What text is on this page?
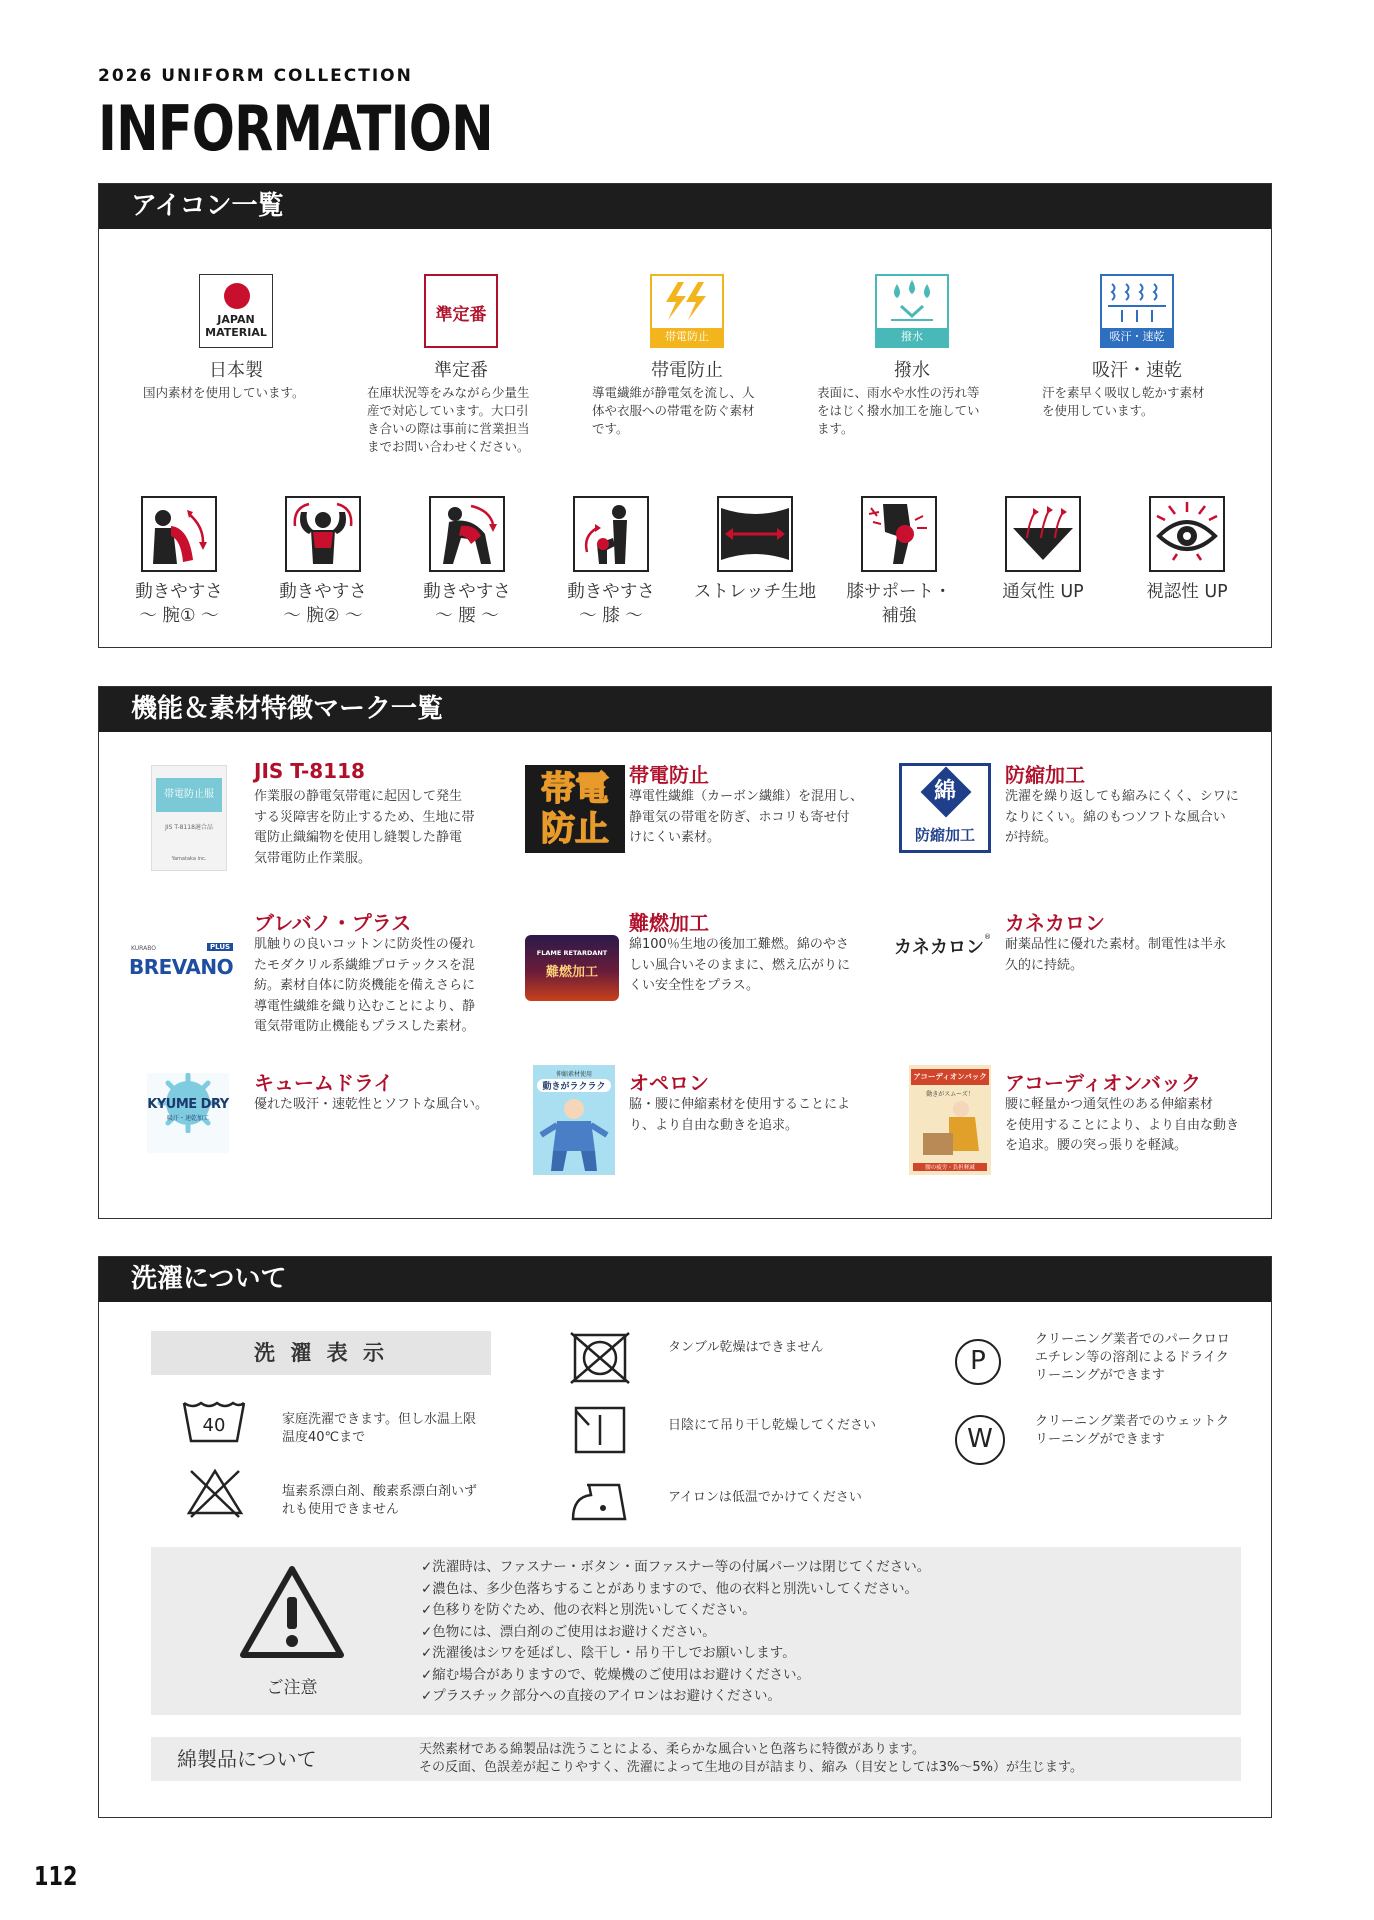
2026 UNIFORM COLLECTION
INFORMATION
アイコン一覧
JAPAN MATERIAL
準定番
帯電防止	撥水	吸汗・速乾
日本製	準定番	帯電防止	撥水	吸汗・速乾
国内素材を使用しています。	在庫状況等をみながら少量生
産で対応しています。大口引
き合いの際は事前に営業担当
までお問い合わせください。
導電繊維が静電気を流し、人
体や衣服への帯電を防ぐ素材
です。
表面に、雨水や水性の汚れ等
をはじく撥水加工を施してい
ます。
汗を素早く吸収し乾かす素材
を使用しています。
動きやすさ
～ 腕① ～
動きやすさ
～ 腕② ～
動きやすさ
～ 腰 ～
動きやすさ
～ 膝 ～
ストレッチ生地	膝サポート・
補強
通気性 UP	視認性 UP
機能＆素材特徴マーク一覧
帯電防止服
JIS T-8118適合品
Yamataka inc.
JIS T-8118
作業服の静電気帯電に起因して発生
する災障害を防止するため、生地に帯
電防止織編物を使用し縫製した静電
気帯電防止作業服。
帯電
防止
帯電防止
導電性繊維（カーボン繊維）を混用し、
静電気の帯電を防ぎ、ホコリも寄せ付
けにくい素材。
綿
防縮加工
防縮加工
洗濯を繰り返しても縮みにくく、シワに
なりにくい。綿のもつソフトな風合い
が持続。
KURABO	PLUS
BREVANO
ブレバノ・プラス
肌触りの良いコットンに防炎性の優れ
たモダクリル系繊維プロテックスを混
紡。素材自体に防炎機能を備えさらに
導電性繊維を織り込むことにより、静
電気帯電防止機能もプラスした素材。
FLAME RETARDANT
難燃加工
難燃加工
綿100％生地の後加工難燃。綿のやさ
しい風合いそのままに、燃え広がりに
くい安全性をプラス。
カネカロン®
カネカロン
耐薬品性に優れた素材。制電性は半永
久的に持続。
KYUME DRY
吸汗・速乾加工
キュームドライ
優れた吸汗・速乾性とソフトな風合い。
伸縮素材使用
動きがラクラク オペロン
脇・腰に伸縮素材を使用することによ
り、より自由な動きを追求。
アコーディオンバック
動きがスムーズ！
腰の疲労・負担軽減
アコーディオンバック
腰に軽量かつ通気性のある伸縮素材
を使用することにより、より自由な動き
を追求。腰の突っ張りを軽減。
洗濯について
洗 濯 表 示
40	家庭洗濯できます。但し水温上限
温度40℃まで
塩素系漂白剤、酸素系漂白剤いず
れも使用できません
タンブル乾燥はできません
日陰にて吊り干し乾燥してください
アイロンは低温でかけてください
P
クリーニング業者でのパークロロ
エチレン等の溶剤によるドライク
リーニングができます
W
クリーニング業者でのウェットク
リーニングができます
ご注意
✓洗濯時は、ファスナー・ボタン・面ファスナー等の付属パーツは閉じてください。
✓濃色は、多少色落ちすることがありますので、他の衣料と別洗いしてください。
✓色移りを防ぐため、他の衣料と別洗いしてください。
✓色物には、漂白剤のご使用はお避けください。
✓洗濯後はシワを延ばし、陰干し・吊り干しでお願いします。
✓縮む場合がありますので、乾燥機のご使用はお避けください。
✓プラスチック部分への直接のアイロンはお避けください。
綿製品について	天然素材である綿製品は洗うことによる、柔らかな風合いと色落ちに特徴があります。
その反面、色誤差が起こりやすく、洗濯によって生地の目が詰まり、縮み（目安としては3%～5%）が生じます。
112
